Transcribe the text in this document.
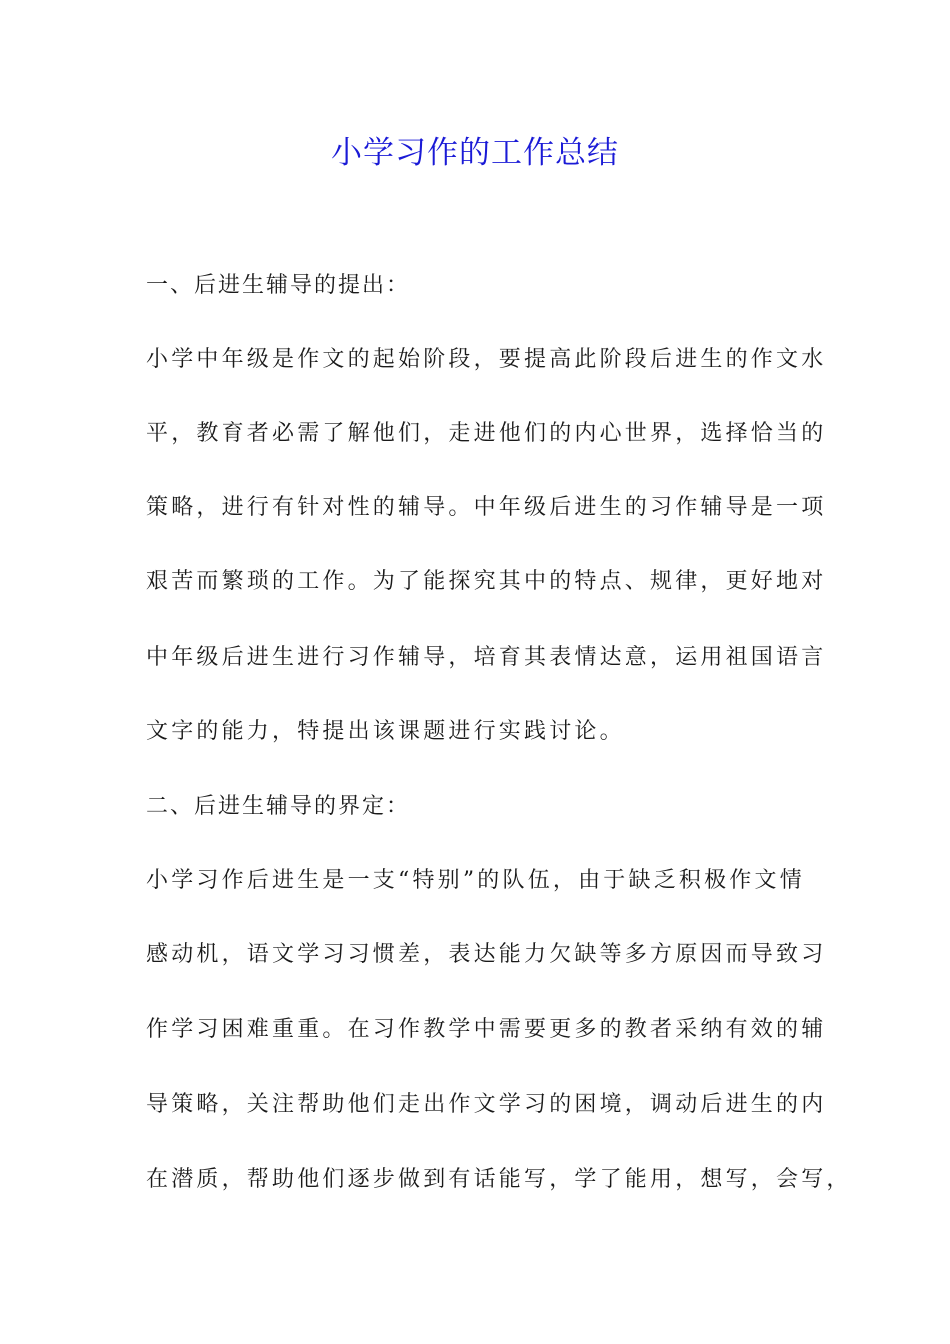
小学习作的工作总结

一、后进生辅导的提出：

小学中年级是作文的起始阶段，要提高此阶段后进生的作文水

平，教育者必需了解他们，走进他们的内心世界，选择恰当的

策略，进行有针对性的辅导。中年级后进生的习作辅导是一项

艰苦而繁琐的工作。为了能探究其中的特点、规律，更好地对

中年级后进生进行习作辅导，培育其表情达意，运用祖国语言

文字的能力，特提出该课题进行实践讨论。

二、后进生辅导的界定：

小学习作后进生是一支“特别”的队伍，由于缺乏积极作文情

感动机，语文学习习惯差，表达能力欠缺等多方原因而导致习

作学习困难重重。在习作教学中需要更多的教者采纳有效的辅

导策略，关注帮助他们走出作文学习的困境，调动后进生的内

在潜质，帮助他们逐步做到有话能写，学了能用，想写，会写，
